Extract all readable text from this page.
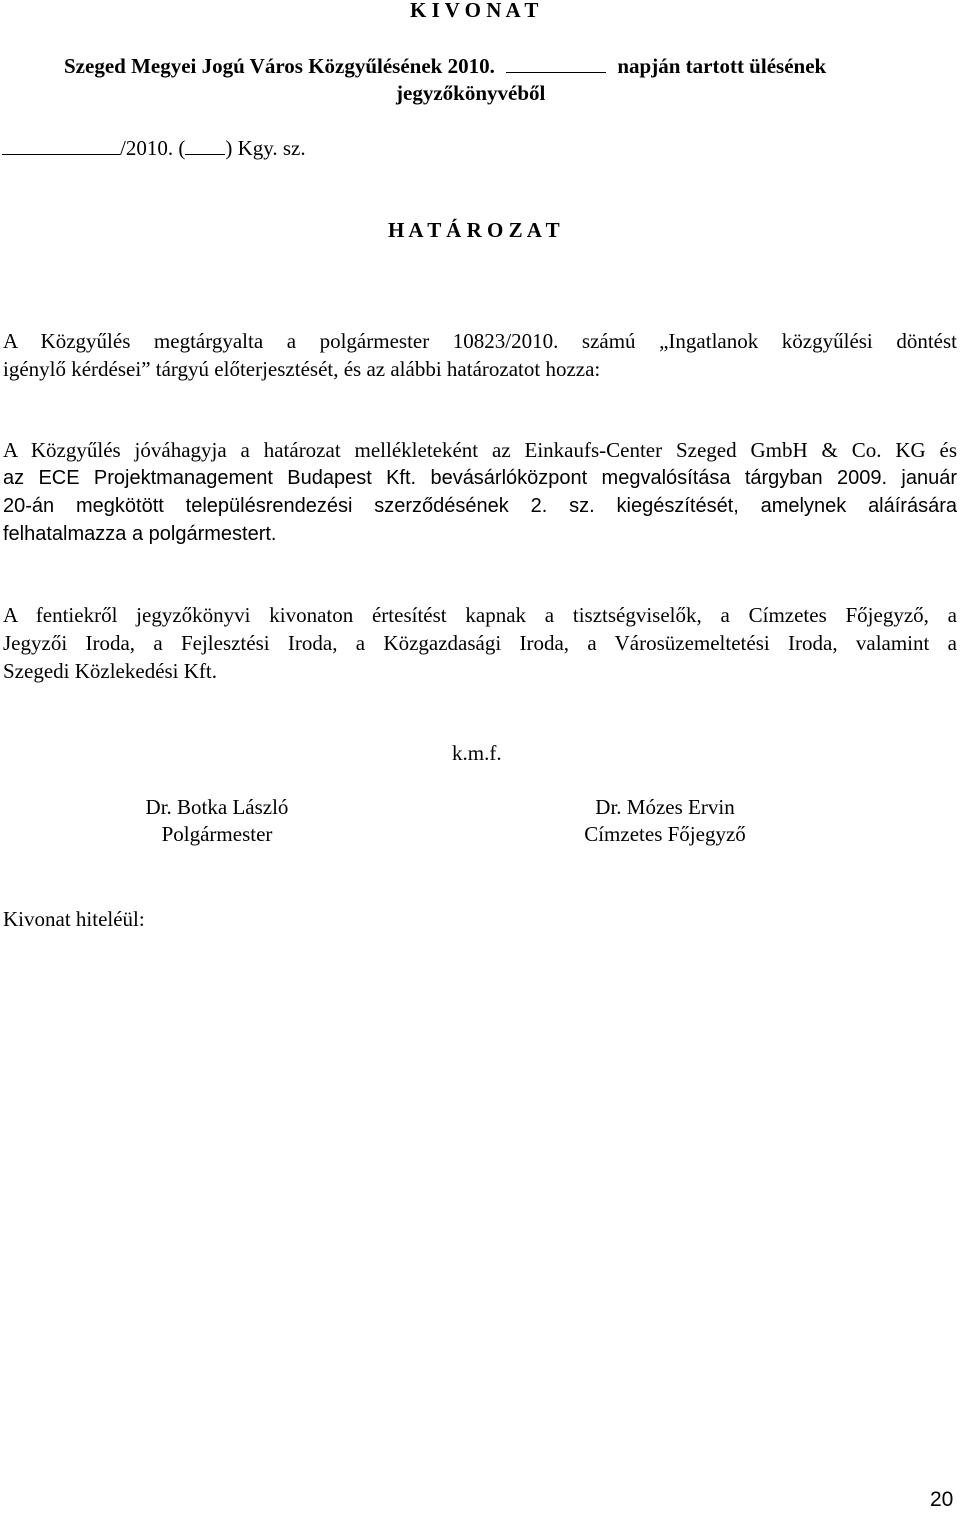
K I V O N A T
Szeged Megyei Jogú Város Közgyűlésének 2010.	napján tartott ülésének
jegyzőkönyvéből
/2010. ( ) Kgy. sz.
H A T Á R O Z A T
A Közgyűlés megtárgyalta a polgármester 10823/2010. számú „Ingatlanok közgyűlési döntést
igénylő kérdései” tárgyú előterjesztését, és az alábbi határozatot hozza:
A Közgyűlés jóváhagyja a határozat mellékleteként az Einkaufs-Center Szeged GmbH & Co. KG és
az ECE Projektmanagement Budapest Kft. bevásárlóközpont megvalósítása tárgyban 2009. január
20-án megkötött településrendezési szerződésének 2. sz. kiegészítését, amelynek aláírására
felhatalmazza a polgármestert.
A fentiekről jegyzőkönyvi kivonaton értesítést kapnak a tisztségviselők, a Címzetes Főjegyző, a
Jegyzői Iroda, a Fejlesztési Iroda, a Közgazdasági Iroda, a Városüzemeltetési Iroda, valamint a
Szegedi Közlekedési Kft.
k.m.f.
Dr. Botka László
Polgármester
Dr. Mózes Ervin
Címzetes Főjegyző
Kivonat hiteléül:
20
